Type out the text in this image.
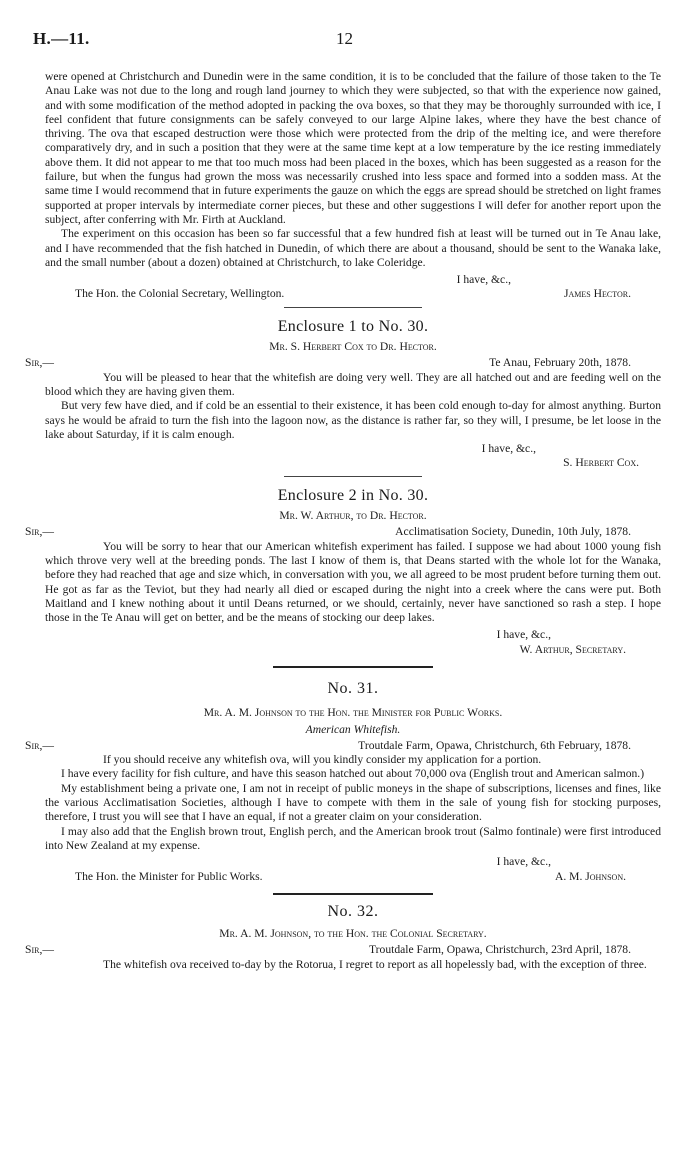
H.—11.	12

were opened at Christchurch and Dunedin were in the same condition, it is to be concluded that the failure of those taken to the Te Anau Lake was not due to the long and rough land journey to which they were subjected, so that with the experience now gained, and with some modification of the method adopted in packing the ova boxes, so that they may be thoroughly surrounded with ice, I feel confident that future consignments can be safely conveyed to our large Alpine lakes, where they have the best chance of thriving. The ova that escaped destruction were those which were protected from the drip of the melting ice, and were therefore comparatively dry, and in such a position that they were at the same time kept at a low temperature by the ice resting immediately above them. It did not appear to me that too much moss had been placed in the boxes, which has been suggested as a reason for the failure, but when the fungus had grown the moss was necessarily crushed into less space and formed into a sodden mass. At the same time I would recommend that in future experiments the gauze on which the eggs are spread should be stretched on light frames supported at proper intervals by intermediate corner pieces, but these and other suggestions I will defer for another report upon the subject, after conferring with Mr. Firth at Auckland.

The experiment on this occasion has been so far successful that a few hundred fish at least will be turned out in Te Anau lake, and I have recommended that the fish hatched in Dunedin, of which there are about a thousand, should be sent to the Wanaka lake, and the small number (about a dozen) obtained at Christchurch, to lake Coleridge.

I have, &c.,
The Hon. the Colonial Secretary, Wellington.	James Hector.
Enclosure 1 to No. 30.
Mr. S. Herbert Cox to Dr. Hector.
Sir,—	Te Anau, February 20th, 1878.

You will be pleased to hear that the whitefish are doing very well. They are all hatched out and are feeding well on the blood which they are having given them.

But very few have died, and if cold be an essential to their existence, it has been cold enough to-day for almost anything. Burton says he would be afraid to turn the fish into the lagoon now, as the distance is rather far, so they will, I presume, be let loose in the lake about Saturday, if it is calm enough.

I have, &c.,
S. Herbert Cox.
Enclosure 2 in No. 30.
Mr. W. Arthur, to Dr. Hector.
Sir,—	Acclimatisation Society, Dunedin, 10th July, 1878.

You will be sorry to hear that our American whitefish experiment has failed. I suppose we had about 1000 young fish which throve very well at the breeding ponds. The last I know of them is, that Deans started with the whole lot for the Wanaka, before they had reached that age and size which, in conversation with you, we all agreed to be most prudent before turning them out. He got as far as the Teviot, but they had nearly all died or escaped during the night into a creek where the cans were put. Both Maitland and I knew nothing about it until Deans returned, or we should, certainly, never have sanctioned so rash a step. I hope those in the Te Anau will get on better, and be the means of stocking our deep lakes.

I have, &c.,
W. Arthur, Secretary.
No. 31.
Mr. A. M. Johnson to the Hon. the Minister for Public Works.
American Whitefish.
Sir,—	Troutdale Farm, Opawa, Christchurch, 6th February, 1878.

If you should receive any whitefish ova, will you kindly consider my application for a portion.

I have every facility for fish culture, and have this season hatched out about 70,000 ova (English trout and American salmon.)

My establishment being a private one, I am not in receipt of public moneys in the shape of subscriptions, licenses and fines, like the various Acclimatisation Societies, although I have to compete with them in the sale of young fish for stocking purposes, therefore, I trust you will see that I have an equal, if not a greater claim on your consideration.

I may also add that the English brown trout, English perch, and the American brook trout (Salmo fontinale) were first introduced into New Zealand at my expense.

I have, &c.,
The Hon. the Minister for Public Works.	A. M. Johnson.
No. 32.
Mr. A. M. Johnson, to the Hon. the Colonial Secretary.
Sir,—	Troutdale Farm, Opawa, Christchurch, 23rd April, 1878.

The whitefish ova received to-day by the Rotorua, I regret to report as all hopelessly bad, with the exception of three.
